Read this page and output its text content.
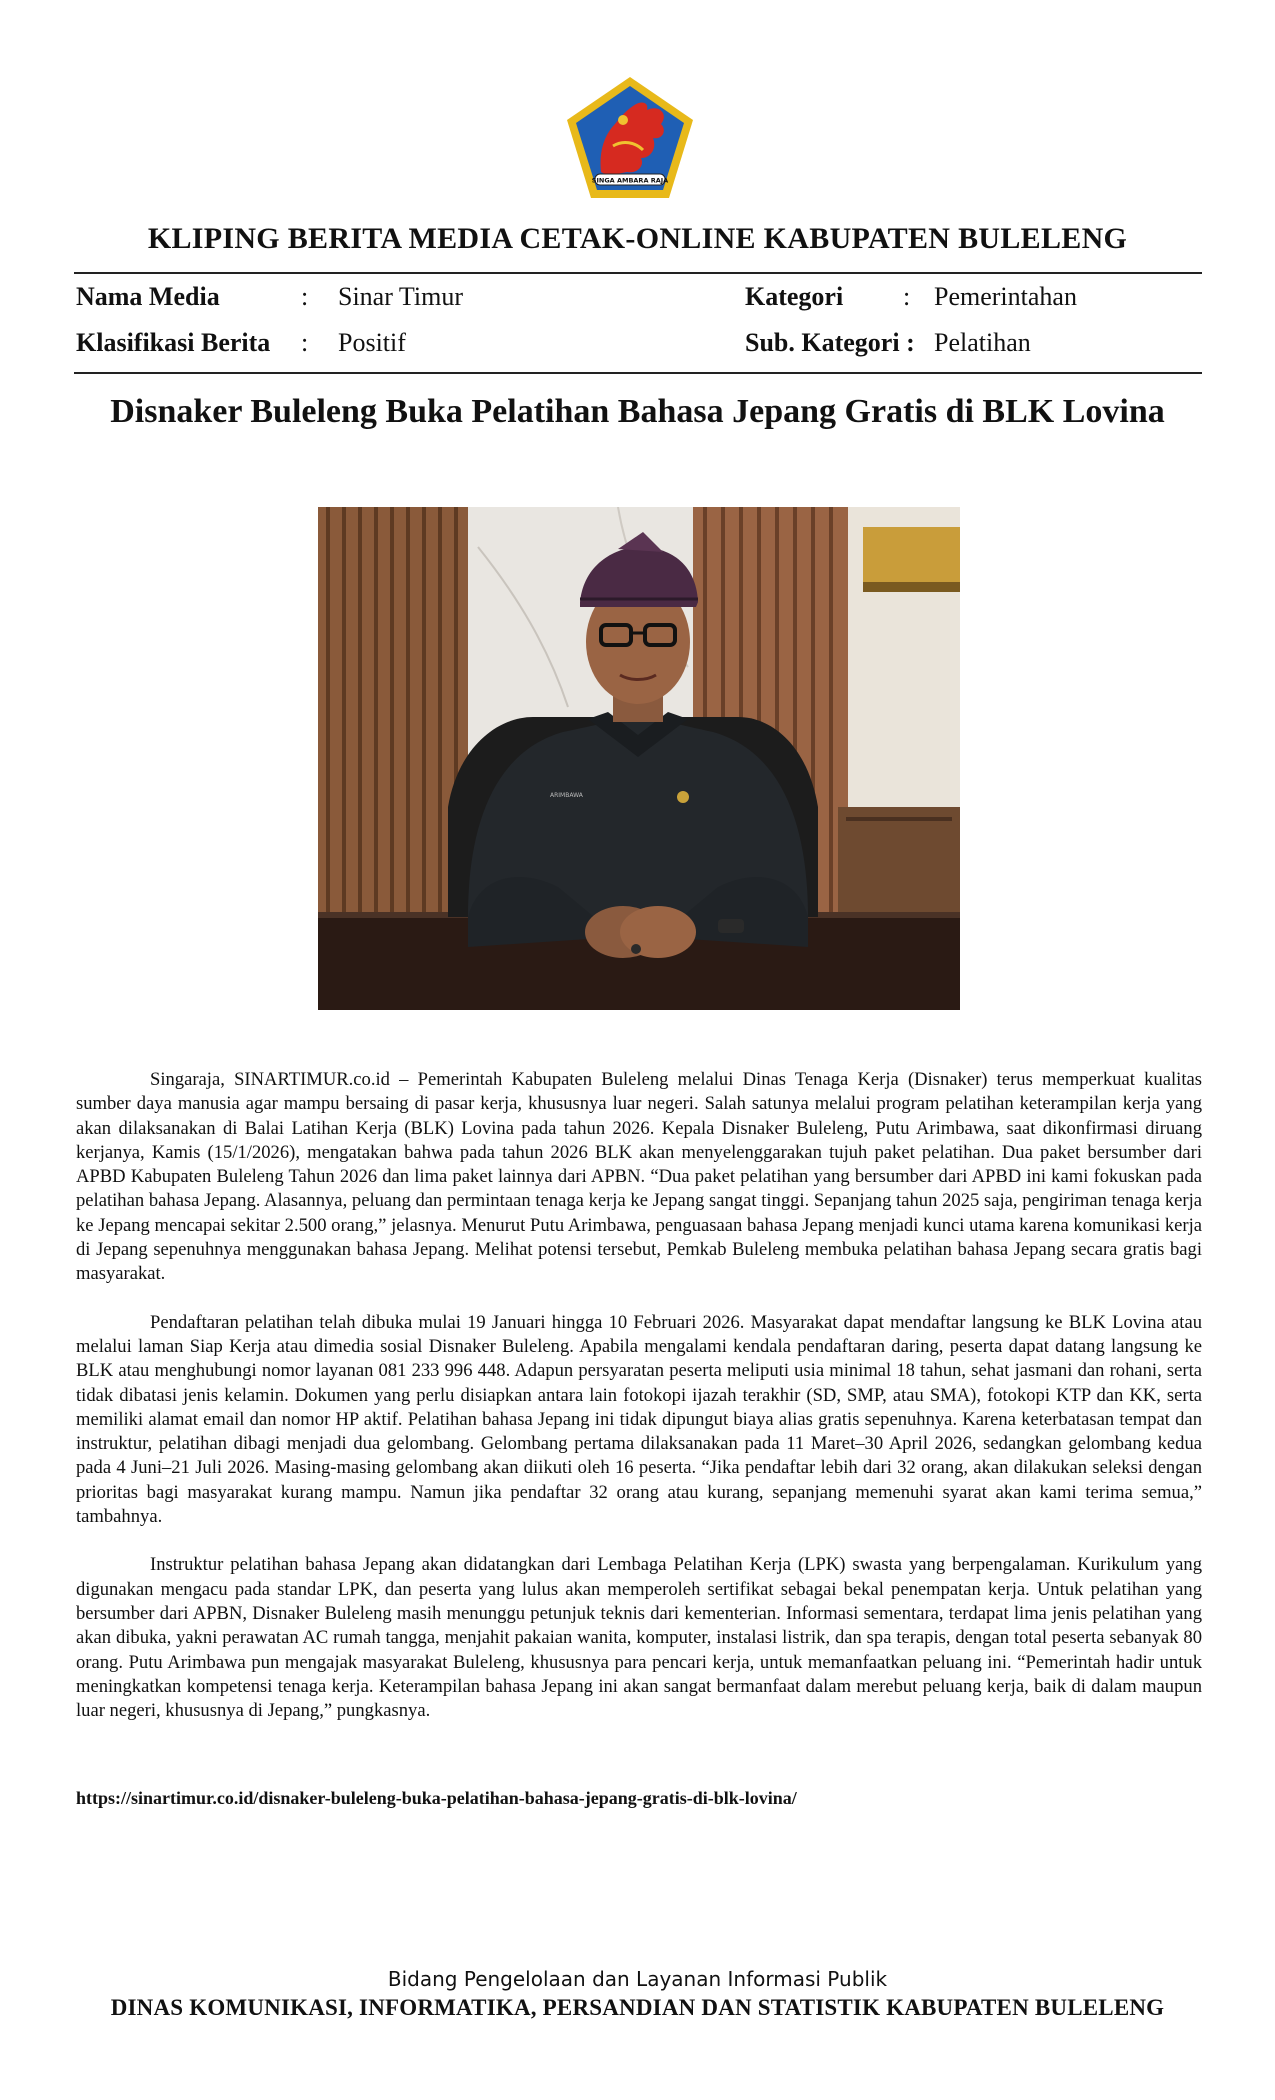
SINGA AMBARA RAJA
KLIPING BERITA MEDIA CETAK-ONLINE KABUPATEN BULELENG
Nama Media	: Sinar Timur	Kategori : Pemerintahan
Klasifikasi Berita : Positif	Sub. Kategori : Pelatihan
Disnaker Buleleng Buka Pelatihan Bahasa Jepang Gratis di BLK Lovina
ARIMBAWA

Singaraja, SINARTIMUR.co.id – Pemerintah Kabupaten Buleleng melalui Dinas Tenaga Kerja (Disnaker) terus memperkuat kualitas sumber daya manusia agar mampu bersaing di pasar kerja, khususnya luar negeri. Salah satunya melalui program pelatihan keterampilan kerja yang akan dilaksanakan di Balai Latihan Kerja (BLK) Lovina pada tahun 2026. Kepala Disnaker Buleleng, Putu Arimbawa, saat dikonfirmasi diruang kerjanya, Kamis (15/1/2026), mengatakan bahwa pada tahun 2026 BLK akan menyelenggarakan tujuh paket pelatihan. Dua paket bersumber dari APBD Kabupaten Buleleng Tahun 2026 dan lima paket lainnya dari APBN. “Dua paket pelatihan yang bersumber dari APBD ini kami fokuskan pada pelatihan bahasa Jepang. Alasannya, peluang dan permintaan tenaga kerja ke Jepang sangat tinggi. Sepanjang tahun 2025 saja, pengiriman tenaga kerja ke Jepang mencapai sekitar 2.500 orang,” jelasnya. Menurut Putu Arimbawa, penguasaan bahasa Jepang menjadi kunci utama karena komunikasi kerja di Jepang sepenuhnya menggunakan bahasa Jepang. Melihat potensi tersebut, Pemkab Buleleng membuka pelatihan bahasa Jepang secara gratis bagi masyarakat.

Pendaftaran pelatihan telah dibuka mulai 19 Januari hingga 10 Februari 2026. Masyarakat dapat mendaftar langsung ke BLK Lovina atau melalui laman Siap Kerja atau dimedia sosial Disnaker Buleleng. Apabila mengalami kendala pendaftaran daring, peserta dapat datang langsung ke BLK atau menghubungi nomor layanan 081 233 996 448. Adapun persyaratan peserta meliputi usia minimal 18 tahun, sehat jasmani dan rohani, serta tidak dibatasi jenis kelamin. Dokumen yang perlu disiapkan antara lain fotokopi ijazah terakhir (SD, SMP, atau SMA), fotokopi KTP dan KK, serta memiliki alamat email dan nomor HP aktif. Pelatihan bahasa Jepang ini tidak dipungut biaya alias gratis sepenuhnya. Karena keterbatasan tempat dan instruktur, pelatihan dibagi menjadi dua gelombang. Gelombang pertama dilaksanakan pada 11 Maret–30 April 2026, sedangkan gelombang kedua pada 4 Juni–21 Juli 2026. Masing-masing gelombang akan diikuti oleh 16 peserta. “Jika pendaftar lebih dari 32 orang, akan dilakukan seleksi dengan prioritas bagi masyarakat kurang mampu. Namun jika pendaftar 32 orang atau kurang, sepanjang memenuhi syarat akan kami terima semua,” tambahnya.

Instruktur pelatihan bahasa Jepang akan didatangkan dari Lembaga Pelatihan Kerja (LPK) swasta yang berpengalaman. Kurikulum yang digunakan mengacu pada standar LPK, dan peserta yang lulus akan memperoleh sertifikat sebagai bekal penempatan kerja. Untuk pelatihan yang bersumber dari APBN, Disnaker Buleleng masih menunggu petunjuk teknis dari kementerian. Informasi sementara, terdapat lima jenis pelatihan yang akan dibuka, yakni perawatan AC rumah tangga, menjahit pakaian wanita, komputer, instalasi listrik, dan spa terapis, dengan total peserta sebanyak 80 orang. Putu Arimbawa pun mengajak masyarakat Buleleng, khususnya para pencari kerja, untuk memanfaatkan peluang ini. “Pemerintah hadir untuk meningkatkan kompetensi tenaga kerja. Keterampilan bahasa Jepang ini akan sangat bermanfaat dalam merebut peluang kerja, baik di dalam maupun luar negeri, khususnya di Jepang,” pungkasnya.

https://sinartimur.co.id/disnaker-buleleng-buka-pelatihan-bahasa-jepang-gratis-di-blk-lovina/
Bidang Pengelolaan dan Layanan Informasi Publik
DINAS KOMUNIKASI, INFORMATIKA, PERSANDIAN DAN STATISTIK KABUPATEN BULELENG
